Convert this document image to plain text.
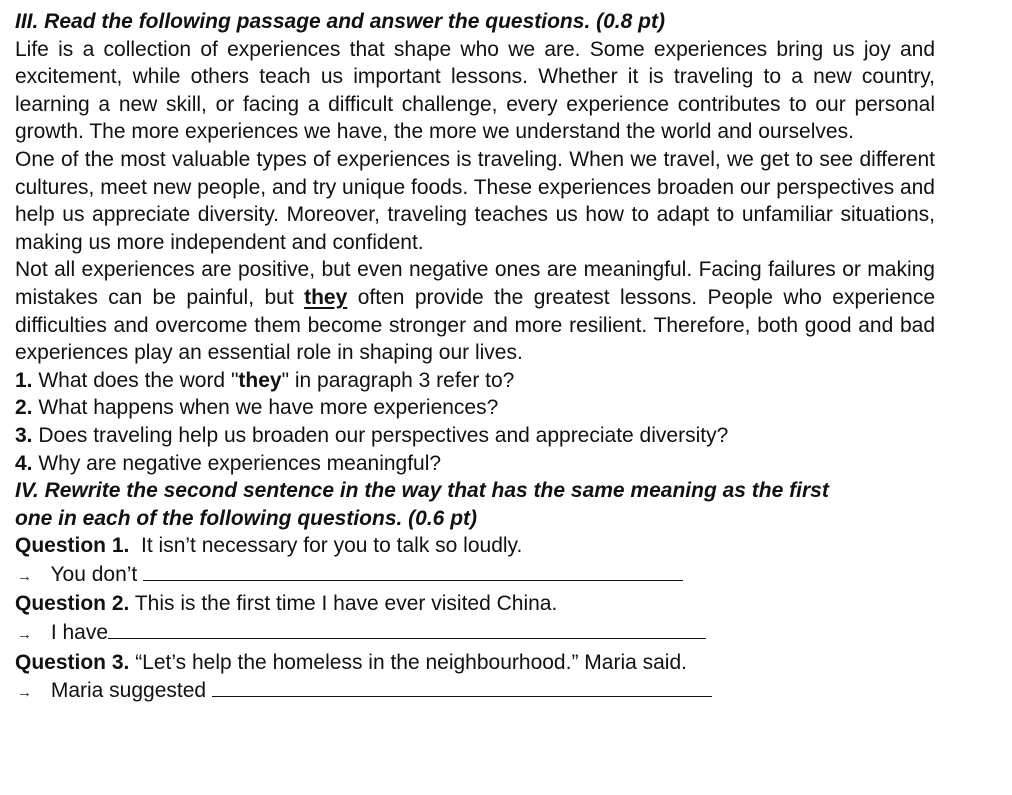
III. Read the following passage and answer the questions. (0.8 pt)

Life is a collection of experiences that shape who we are. Some experiences bring us joy and excitement, while others teach us important lessons. Whether it is traveling to a new country, learning a new skill, or facing a difficult challenge, every experience contributes to our personal growth. The more experiences we have, the more we understand the world and ourselves.

One of the most valuable types of experiences is traveling. When we travel, we get to see different cultures, meet new people, and try unique foods. These experiences broaden our perspectives and help us appreciate diversity. Moreover, traveling teaches us how to adapt to unfamiliar situations, making us more independent and confident.

Not all experiences are positive, but even negative ones are meaningful. Facing failures or making mistakes can be painful, but they often provide the greatest lessons. People who experience difficulties and overcome them become stronger and more resilient. Therefore, both good and bad experiences play an essential role in shaping our lives.

1. What does the word "they" in paragraph 3 refer to?

2. What happens when we have more experiences?

3. Does traveling help us broaden our perspectives and appreciate diversity?

4. Why are negative experiences meaningful?

IV. Rewrite the second sentence in the way that has the same meaning as the first

one in each of the following questions. (0.6 pt)

Question 1.  It isn’t necessary for you to talk so loudly.

→ You don’t

Question 2. This is the first time I have ever visited China.

→ I have

Question 3. “Let’s help the homeless in the neighbourhood.” Maria said.

→ Maria suggested
